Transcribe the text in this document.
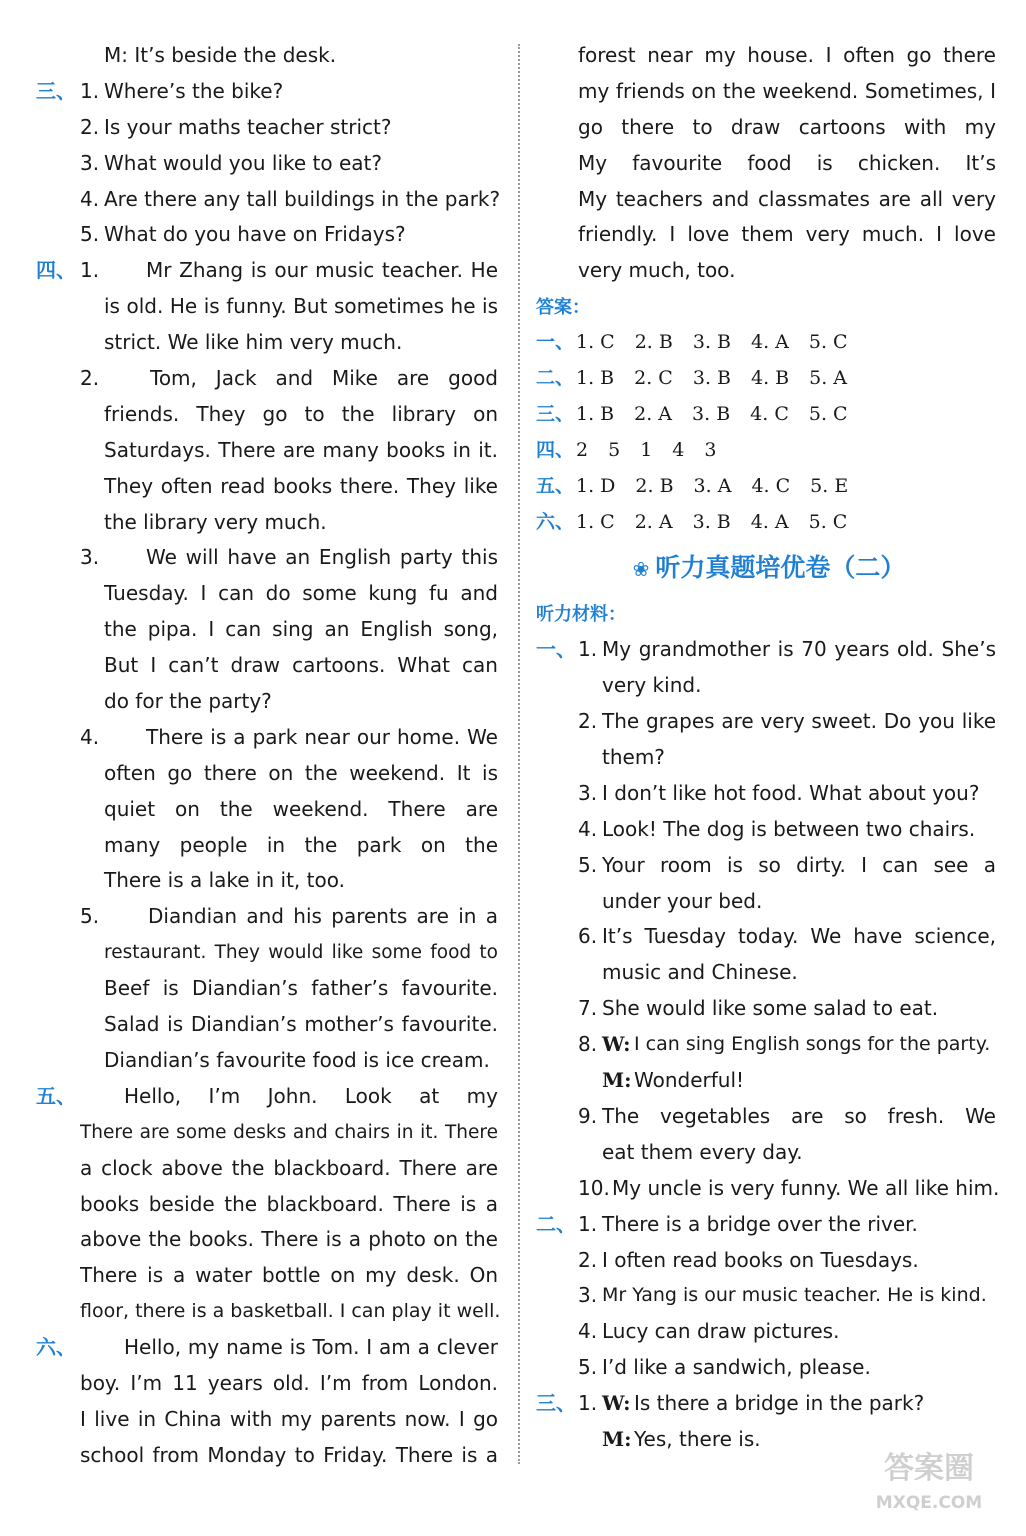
M: It’s beside the desk.
三、 1. Where’s the bike?
2. Is your maths teacher strict?
3. What would you like to eat?
4. Are there any tall buildings in the park?
5. What do you have on Fridays?
四、 1. Mr Zhang is our music teacher. He
is old. He is funny. But sometimes he is
strict. We like him very much.
2.	Tom, Jack and Mike are good
friends. They go to the library on
Saturdays. There are many books in it.
They often read books there. They like
the library very much.
3. We will have an English party this
Tuesday. I can do some kung fu and
the pipa. I can sing an English song,
But I can’t draw cartoons. What can
do for the party?
4. There is a park near our home. We
often go there on the weekend. It is
quiet on the weekend. There are
many people in the park on the
There is a lake in it, too.
5. Diandian and his parents are in a
restaurant. They would like some food to
Beef is Diandian’s father’s favourite.
Salad is Diandian’s mother’s favourite.
Diandian’s favourite food is ice cream.
五、 Hello, I’m John. Look at my
There are some desks and chairs in it. There
a clock above the blackboard. There are
books beside the blackboard. There is a
above the books. There is a photo on the
There is a water bottle on my desk. On
floor, there is a basketball. I can play it well.
六、 Hello, my name is Tom. I am a clever
boy. I’m 11 years old. I’m from London.
I live in China with my parents now. I go
school from Monday to Friday. There is a
forest near my house. I often go there
my friends on the weekend. Sometimes, I
go there to draw cartoons with my
My favourite food is chicken. It’s
My teachers and classmates are all very
friendly. I love them very much. I love
very much, too.
答案：
一、 1. C 2. B 3. B 4. A 5. C
二、 1. B 2. C 3. B 4. B 5. A
三、 1. B 2. A 3. B 4. C 5. C
四、 2 5 1 4 3
五、 1. D 2. B 3. A 4. C 5. E
六、 1. C 2. A 3. B 4. A 5. C
❀ 听力真题培优卷（二）
听力材料：
一、 1. My grandmother is 70 years old. She’s
very kind.
2. The grapes are very sweet. Do you like
them?
3. I don’t like hot food. What about you?
4. Look! The dog is between two chairs.
5. Your room is so dirty. I can see a
under your bed.
6. It’s Tuesday today. We have science,
music and Chinese.
7. She would like some salad to eat.
8. W: I can sing English songs for the party.
M: Wonderful!
9. The vegetables are so fresh. We
eat them every day.
10. My uncle is very funny. We all like him.
二、 1. There is a bridge over the river.
2. I often read books on Tuesdays.
3. Mr Yang is our music teacher. He is kind.
4. Lucy can draw pictures.
5. I’d like a sandwich, please.
三、 1. W: Is there a bridge in the park?
M: Yes, there is.
答案圈
MXQE.COM
